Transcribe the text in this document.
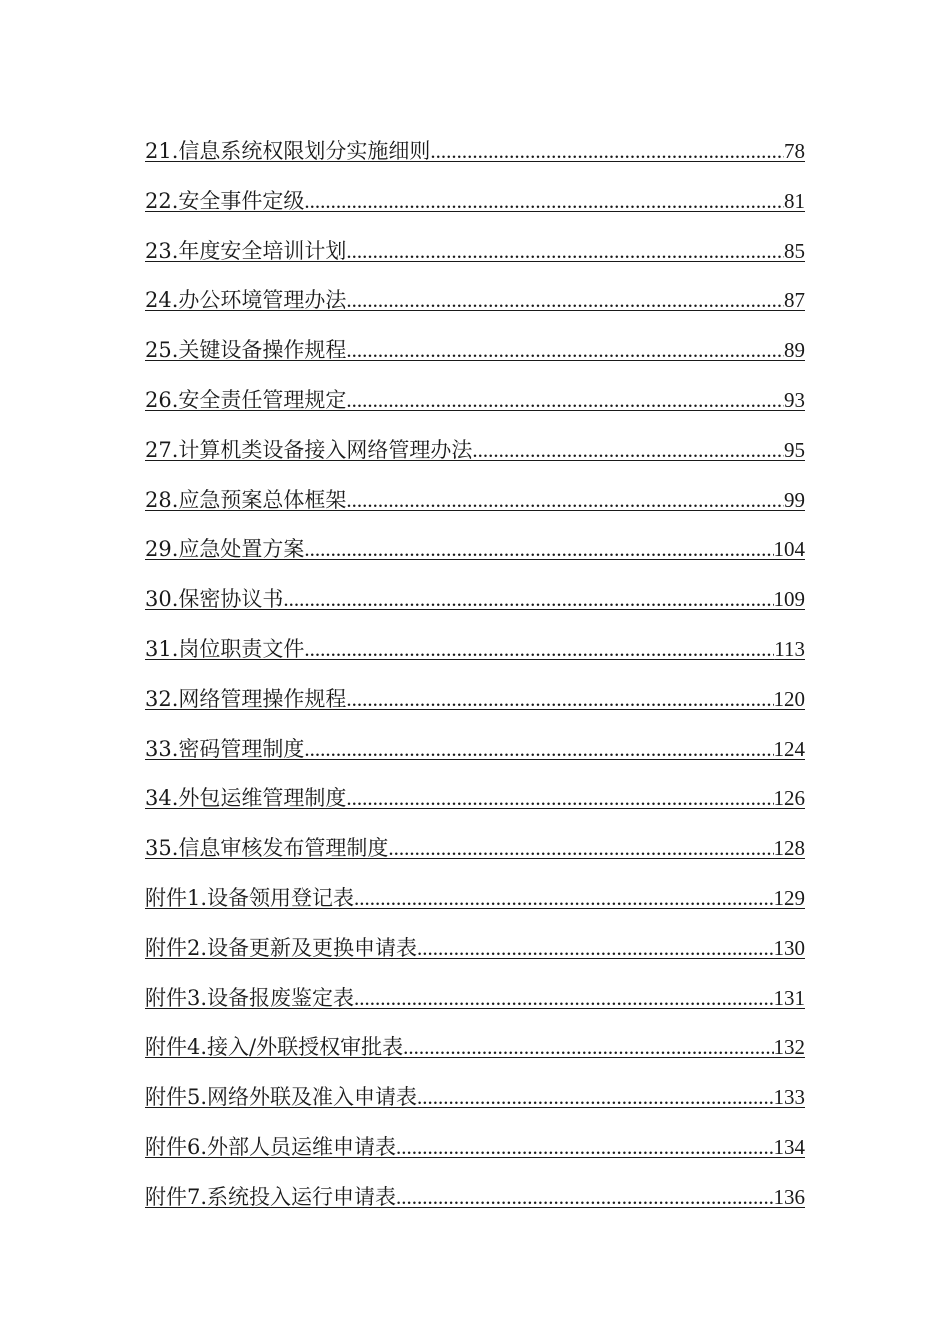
21.信息系统权限划分实施细则 .....	78
22.安全事件定级 .....	81
23.年度安全培训计划 .....	85
24.办公环境管理办法 .....	87
25.关键设备操作规程 .....	89
26.安全责任管理规定 .....	93
27.计算机类设备接入网络管理办法 .....	95
28.应急预案总体框架 .....	99
29.应急处置方案 .....	104
30.保密协议书 .....	109
31.岗位职责文件 .....	113
32.网络管理操作规程 .....	120
33.密码管理制度 .....	124
34.外包运维管理制度 .....	126
35.信息审核发布管理制度 .....	128
附件1.设备领用登记表 .....	129
附件2.设备更新及更换申请表 .....	130
附件3.设备报废鉴定表 .....	131
附件4.接入/外联授权审批表 .....	132
附件5.网络外联及准入申请表 .....	133
附件6.外部人员运维申请表 .....	134
附件7.系统投入运行申请表 .....	136
